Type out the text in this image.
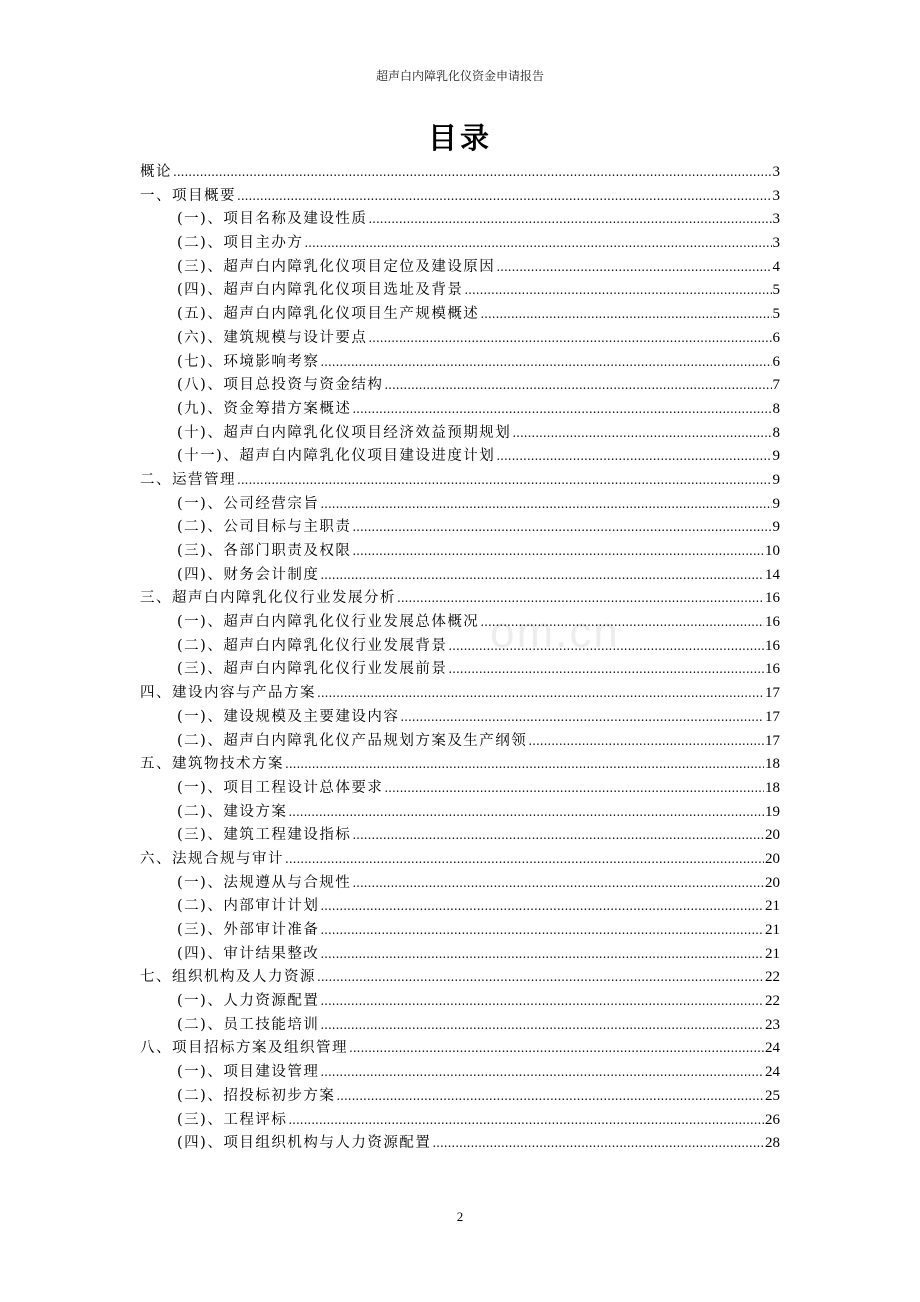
超声白内障乳化仪资金申请报告
目录
概论 .....	3
一、项目概要 .....	3
(一)、项目名称及建设性质 .....	3
(二)、项目主办方 .....	3
(三)、超声白内障乳化仪项目定位及建设原因 .....	4
(四)、超声白内障乳化仪项目选址及背景 .....	5
(五)、超声白内障乳化仪项目生产规模概述 .....	5
(六)、建筑规模与设计要点 .....	6
(七)、环境影响考察 .....	6
(八)、项目总投资与资金结构 .....	7
(九)、资金筹措方案概述 .....	8
(十)、超声白内障乳化仪项目经济效益预期规划 .....	8
(十一)、超声白内障乳化仪项目建设进度计划 .....	9
二、运营管理 .....	9
(一)、公司经营宗旨 .....	9
(二)、公司目标与主职责 .....	9
(三)、各部门职责及权限 .....	10
(四)、财务会计制度 .....	14
三、超声白内障乳化仪行业发展分析 .....	16
(一)、超声白内障乳化仪行业发展总体概况 .....	16
(二)、超声白内障乳化仪行业发展背景 .....	16
(三)、超声白内障乳化仪行业发展前景 .....	16
四、建设内容与产品方案 .....	17
(一)、建设规模及主要建设内容 .....	17
(二)、超声白内障乳化仪产品规划方案及生产纲领 .....	17
五、建筑物技术方案 .....	18
(一)、项目工程设计总体要求 .....	18
(二)、建设方案 .....	19
(三)、建筑工程建设指标 .....	20
六、法规合规与审计 .....	20
(一)、法规遵从与合规性 .....	20
(二)、内部审计计划 .....	21
(三)、外部审计准备 .....	21
(四)、审计结果整改 .....	21
七、组织机构及人力资源 .....	22
(一)、人力资源配置 .....	22
(二)、员工技能培训 .....	23
八、项目招标方案及组织管理 .....	24
(一)、项目建设管理 .....	24
(二)、招投标初步方案 .....	25
(三)、工程评标 .....	26
(四)、项目组织机构与人力资源配置 .....	28
om.cn
2
